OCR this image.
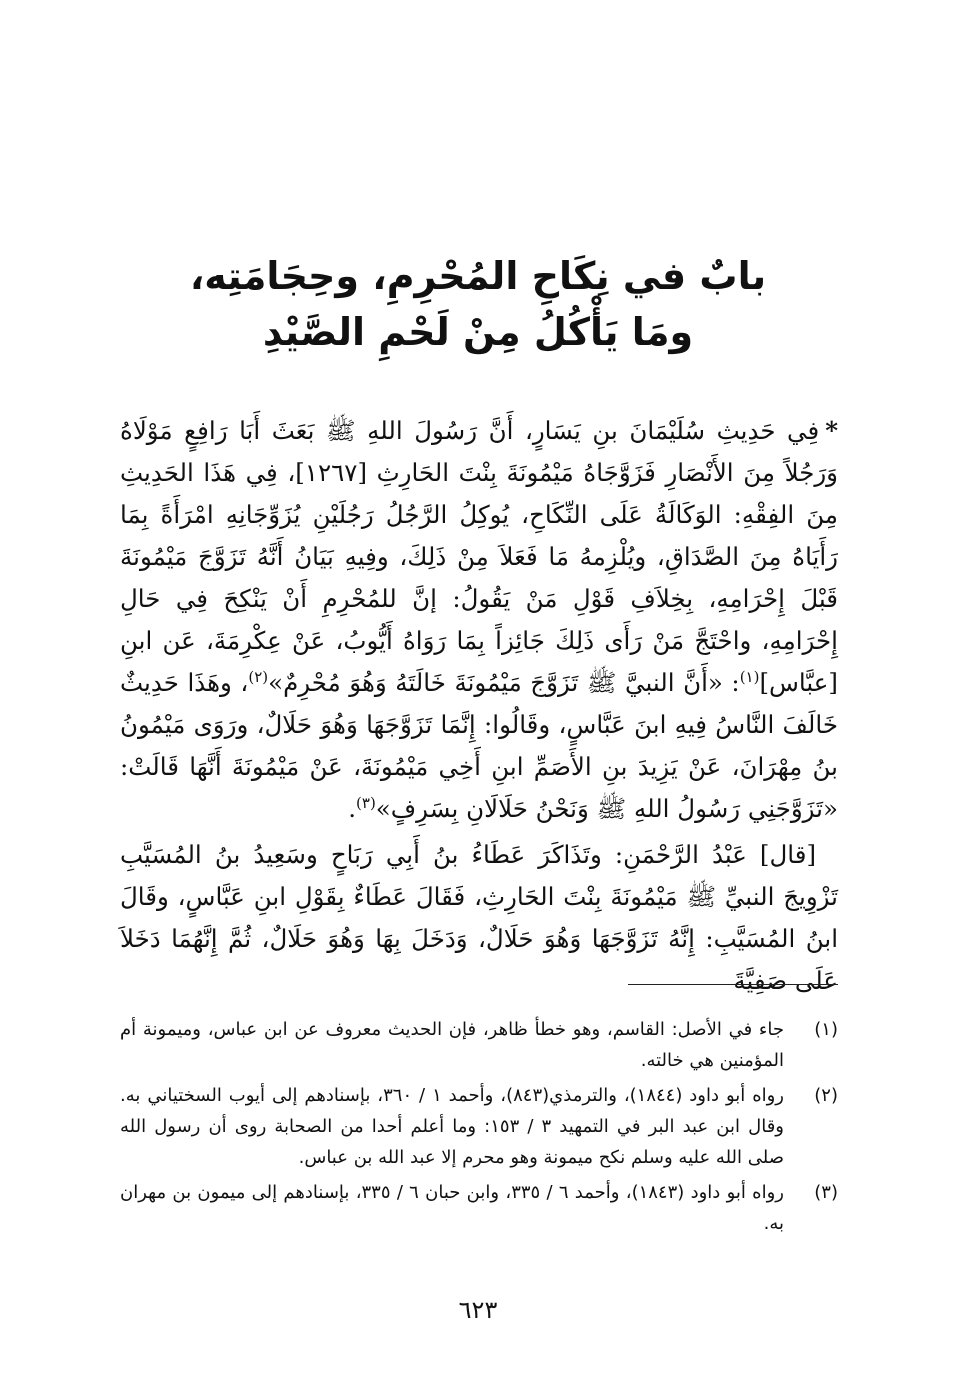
بابٌ في نِكَاحِ المُحْرِمِ، وحِجَامَتِه،
ومَا يَأْكُلُ مِنْ لَحْمِ الصَّيْدِ

*فِي حَدِيثِ سُلَيْمَانَ بنِ يَسَارٍ، أَنَّ رَسُولَ اللهِ ﷺ بَعَثَ أَبَا رَافِعٍ مَوْلَاهُ وَرَجُلاً مِنَ الأَنْصَارِ فَزَوَّجَاهُ مَيْمُونَةَ بِنْتَ الحَارِثِ [١٢٦٧]، فِي هَذَا الحَدِيثِ مِنَ الفِقْهِ: الوَكَالَةُ عَلَى النِّكَاحِ، يُوكِلُ الرَّجُلُ رَجُلَيْنِ يُزَوِّجَانِهِ امْرَأَةً بِمَا رَأَيَاهُ مِنَ الصَّدَاقِ، ويُلْزِمهُ مَا فَعَلاَ مِنْ ذَلِكَ، وفِيهِ بَيَانُ أَنَّهُ تَزَوَّجَ مَيْمُونَةَ قَبْلَ إِحْرَامِهِ، بِخِلاَفِ قَوْلِ مَنْ يَقُولُ: إنَّ للمُحْرِمِ أَنْ يَنْكِحَ فِي حَالِ إِحْرَامِهِ، واحْتَجَّ مَنْ رَأَى ذَلِكَ جَائِزاً بِمَا رَوَاهُ أَيُّوبُ، عَنْ عِكْرِمَةَ، عَن ابنِ [عبَّاس]$^{(١)}$: «أَنَّ النبيَّ ﷺ تَزَوَّجَ مَيْمُونَةَ خَالَتَهُ وَهُوَ مُحْرِمٌ»$^{(٢)}$، وهَذَا حَدِيثٌ خَالَفَ النَّاسُ فِيهِ ابنَ عَبَّاسٍ، وقَالُوا: إِنَّمَا تَزَوَّجَهَا وَهُوَ حَلَالٌ، ورَوَى مَيْمُونُ بنُ مِهْرَانَ، عَنْ يَزِيدَ بنِ الأَصَمِّ ابنِ أَخِي مَيْمُونَةَ، عَنْ مَيْمُونَةَ أَنَّهَا قَالَتْ: «تَزَوَّجَنِي رَسُولُ اللهِ ﷺ وَنَحْنُ حَلَالَانِ بِسَرِفٍ»$^{(٣)}$.

[قال] عَبْدُ الرَّحْمَنِ: وتَذَاكَرَ عَطَاءُ بنُ أَبِي رَبَاحٍ وسَعِيدُ بنُ المُسَيَّبِ تَزْوِيجَ النبيِّ ﷺ مَيْمُونَةَ بِنْتَ الحَارِثِ، فَقَالَ عَطَاءٌ بِقَوْلِ ابنِ عَبَّاسٍ، وقَالَ ابنُ المُسَيَّبِ: إِنَّهُ تَزَوَّجَهَا وَهُوَ حَلَالٌ، وَدَخَلَ بِهَا وَهُوَ حَلَالٌ، ثُمَّ إِنَّهُمَا دَخَلاَ عَلَى صَفِيَّةَ

(١)
جاء في الأصل: القاسم، وهو خطأ ظاهر، فإن الحديث معروف عن ابن عباس، وميمونة أم المؤمنين هي خالته.
(٢)
رواه أبو داود (١٨٤٤)، والترمذي(٨٤٣)، وأحمد ١ / ٣٦٠، بإسنادهم إلى أيوب السختياني به. وقال ابن عبد البر في التمهيد ٣ / ١٥٣: وما أعلم أحدا من الصحابة روى أن رسول الله صلى الله عليه وسلم نكح ميمونة وهو محرم إلا عبد الله بن عباس.
(٣)
رواه أبو داود (١٨٤٣)، وأحمد ٦ / ٣٣٥، وابن حبان ٦ / ٣٣٥، بإسنادهم إلى ميمون بن مهران به.
٦٢٣
